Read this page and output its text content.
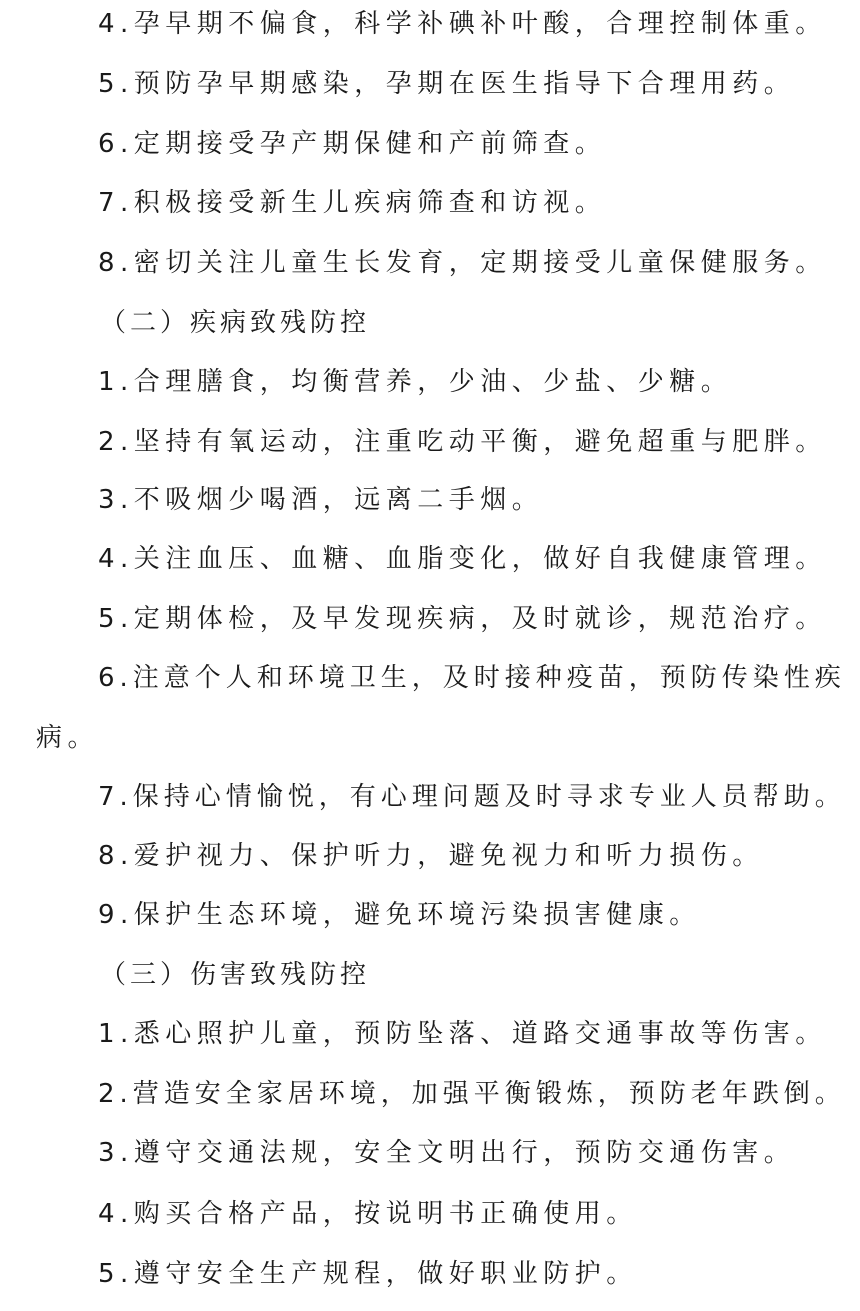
4.孕早期不偏食，科学补碘补叶酸，合理控制体重。
5.预防孕早期感染，孕期在医生指导下合理用药。
6.定期接受孕产期保健和产前筛查。
7.积极接受新生儿疾病筛查和访视。
8.密切关注儿童生长发育，定期接受儿童保健服务。
（二）疾病致残防控
1.合理膳食，均衡营养，少油、少盐、少糖。
2.坚持有氧运动，注重吃动平衡，避免超重与肥胖。
3.不吸烟少喝酒，远离二手烟。
4.关注血压、血糖、血脂变化，做好自我健康管理。
5.定期体检，及早发现疾病，及时就诊，规范治疗。
6.注意个人和环境卫生，及时接种疫苗，预防传染性疾
病。
7.保持心情愉悦，有心理问题及时寻求专业人员帮助。
8.爱护视力、保护听力，避免视力和听力损伤。
9.保护生态环境，避免环境污染损害健康。
（三）伤害致残防控
1.悉心照护儿童，预防坠落、道路交通事故等伤害。
2.营造安全家居环境，加强平衡锻炼，预防老年跌倒。
3.遵守交通法规，安全文明出行，预防交通伤害。
4.购买合格产品，按说明书正确使用。
5.遵守安全生产规程，做好职业防护。
